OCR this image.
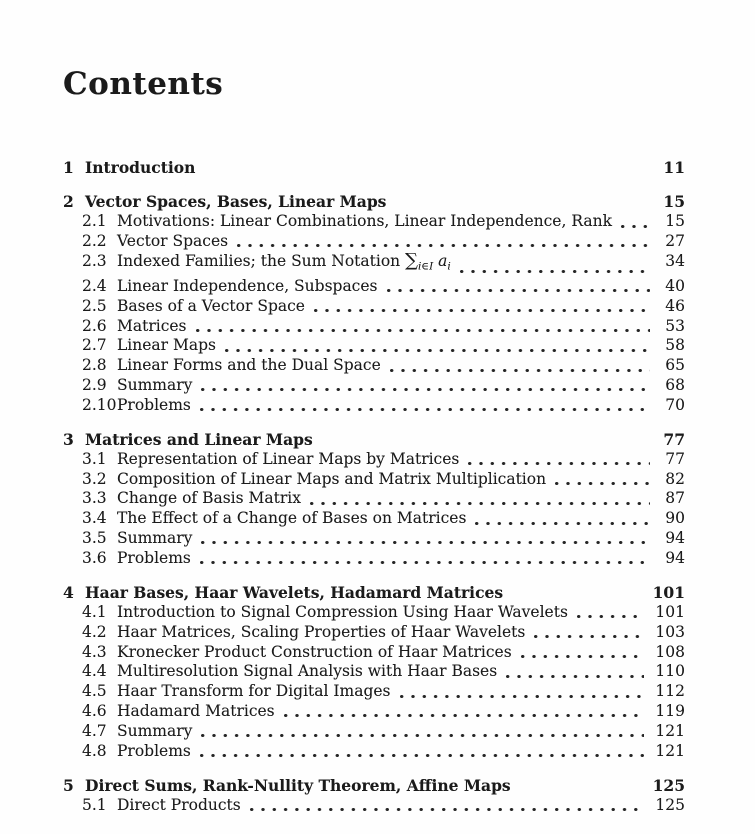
Contents
1 Introduction	11
2 Vector Spaces, Bases, Linear Maps	15
2.1 Motivations: Linear Combinations, Linear Independence, Rank	15
2.2 Vector Spaces	27
2.3 Indexed Families; the Sum Notation $\sum_{i\in I}$ $a_i$	34
2.4 Linear Independence, Subspaces	40
2.5 Bases of a Vector Space	46
2.6 Matrices	53
2.7 Linear Maps	58
2.8 Linear Forms and the Dual Space	65
2.9 Summary	68
2.10 Problems	70
3 Matrices and Linear Maps	77
3.1 Representation of Linear Maps by Matrices	77
3.2 Composition of Linear Maps and Matrix Multiplication	82
3.3 Change of Basis Matrix	87
3.4 The Effect of a Change of Bases on Matrices	90
3.5 Summary	94
3.6 Problems	94
4 Haar Bases, Haar Wavelets, Hadamard Matrices	101
4.1 Introduction to Signal Compression Using Haar Wavelets	101
4.2 Haar Matrices, Scaling Properties of Haar Wavelets	103
4.3 Kronecker Product Construction of Haar Matrices	108
4.4 Multiresolution Signal Analysis with Haar Bases	110
4.5 Haar Transform for Digital Images	112
4.6 Hadamard Matrices	119
4.7 Summary	121
4.8 Problems	121
5 Direct Sums, Rank-Nullity Theorem, Affine Maps	125
5.1 Direct Products	125
